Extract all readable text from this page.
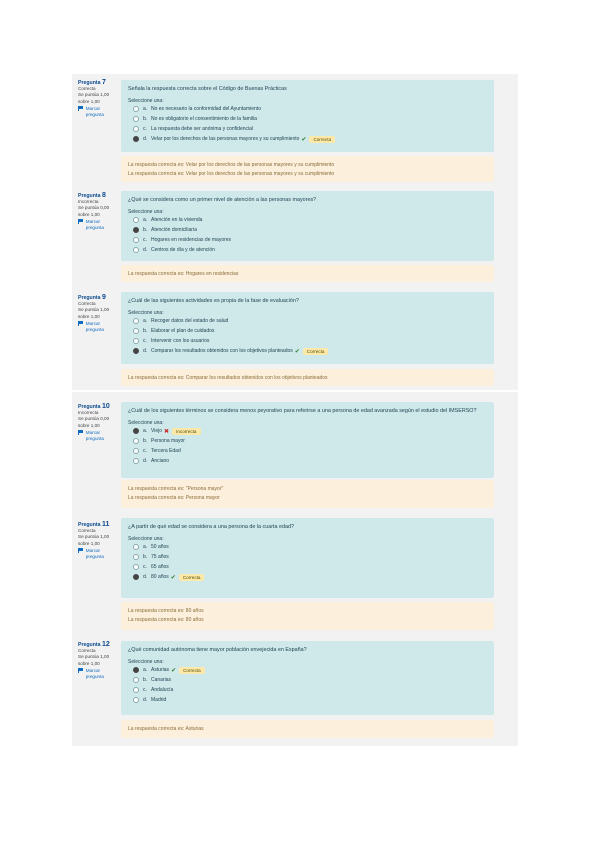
Pregunta 7
Correcta
Se puntúa 1,00 sobre 1,00
Marcar pregunta
Señala la respuesta correcta sobre el Código de Buenas Prácticas
Seleccione una:
a. No es necesario la conformidad del Ayuntamiento
b. No es obligatorio el consentimiento de la familia
c. La respuesta debe ser anónima y confidencial
d. Velar por los derechos de las personas mayores y su cumplimiento ✔	Correcta
La respuesta correcta es: Velar por los derechos de las personas mayores y su cumplimiento
La respuesta correcta es: Velar por los derechos de las personas mayores y su cumplimiento
Pregunta 8
Incorrecta
Se puntúa 0,00 sobre 1,00
Marcar pregunta
¿Qué se considera como un primer nivel de atención a las personas mayores?
Seleccione una:
a. Atención en la vivienda
b. Atención domiciliaria
c. Hogares en residencias de mayores
d. Centros de día y de atención
La respuesta correcta es: Hogares en residencias
Pregunta 9
Correcta
Se puntúa 1,00 sobre 1,00
Marcar pregunta
¿Cuál de las siguientes actividades es propia de la fase de evaluación?
Seleccione una:
a. Recoger datos del estado de salud
b. Elaborar el plan de cuidados
c. Intervenir con los usuarios
d. Comparar los resultados obtenidos con los objetivos planteados ✔	Correcta
La respuesta correcta es: Comparar los resultados obtenidos con los objetivos planteados
Pregunta 10
Incorrecta
Se puntúa 0,00 sobre 1,00
Marcar pregunta
¿Cuál de los siguientes términos se considera menos peyorativo para referirse a una persona de edad avanzada según el estudio del IMSERSO?
Seleccione una:
a. Viejo ✖	Incorrecta
b. Persona mayor
c. Tercera Edad
d. Anciano
La respuesta correcta es: "Persona mayor"
La respuesta correcta es: Persona mayor
Pregunta 11
Correcta
Se puntúa 1,00 sobre 1,00
Marcar pregunta
¿A partir de qué edad se considera a una persona de la cuarta edad?
Seleccione una:
a. 50 años
b. 75 años
c. 65 años
d. 80 años ✔	Correcta
La respuesta correcta es: 80 años
La respuesta correcta es: 80 años
Pregunta 12
Correcta
Se puntúa 1,00 sobre 1,00
Marcar pregunta
¿Qué comunidad autónoma tiene mayor población envejecida en España?
Seleccione una:
a. Asturias ✔	Correcta
b. Canarias
c. Andalucía
d. Madrid
La respuesta correcta es: Asturias
